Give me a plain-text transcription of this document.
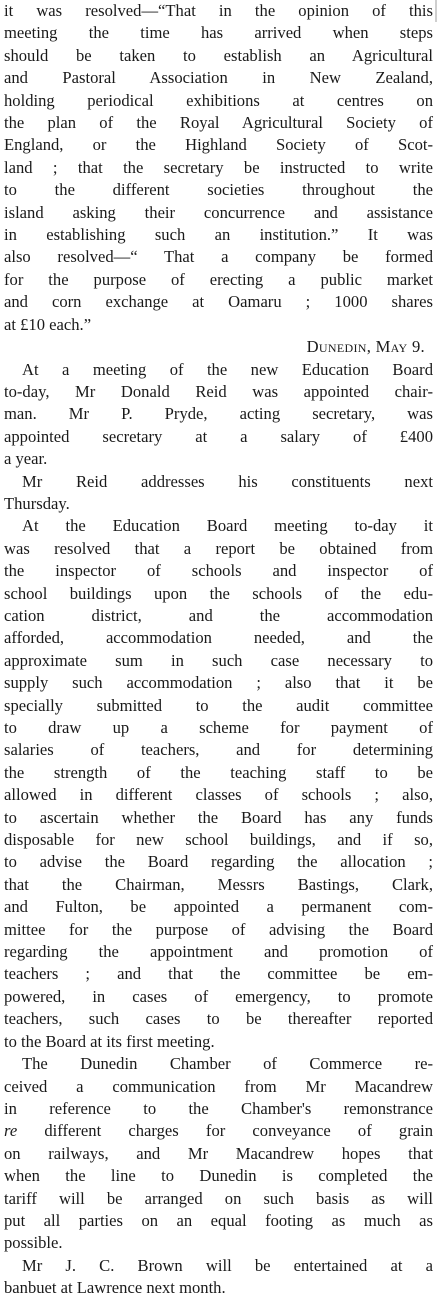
it was resolved—“That in the opinion of this
meeting the time has arrived when steps
should be taken to establish an Agricultural
and Pastoral Association in New Zealand,
holding periodical exhibitions at centres on
the plan of the Royal Agricultural Society of
England, or the Highland Society of Scot-
land ; that the secretary be instructed to write
to the different societies throughout the
island asking their concurrence and assistance
in establishing such an institution.” It was
also resolved—“ That a company be formed
for the purpose of erecting a public market
and corn exchange at Oamaru ; 1000 shares
at £10 each.”

Dunedin, May 9.

At a meeting of the new Education Board
to-day, Mr Donald Reid was appointed chair-
man. Mr P. Pryde, acting secretary, was
appointed secretary at a salary of £400
a year.

Mr Reid addresses his constituents next
Thursday.

At the Education Board meeting to-day it
was resolved that a report be obtained from
the inspector of schools and inspector of
school buildings upon the schools of the edu-
cation district, and the accommodation
afforded, accommodation needed, and the
approximate sum in such case necessary to
supply such accommodation ; also that it be
specially submitted to the audit committee
to draw up a scheme for payment of
salaries of teachers, and for determining
the strength of the teaching staff to be
allowed in different classes of schools ; also,
to ascertain whether the Board has any funds
disposable for new school buildings, and if so,
to advise the Board regarding the allocation ;
that the Chairman, Messrs Bastings, Clark,
and Fulton, be appointed a permanent com-
mittee for the purpose of advising the Board
regarding the appointment and promotion of
teachers ; and that the committee be em-
powered, in cases of emergency, to promote
teachers, such cases to be thereafter reported
to the Board at its first meeting.

The Dunedin Chamber of Commerce re-
ceived a communication from Mr Macandrew
in reference to the Chamber's remonstrance
re different charges for conveyance of grain
on railways, and Mr Macandrew hopes that
when the line to Dunedin is completed the
tariff will be arranged on such basis as will
put all parties on an equal footing as much as
possible.

Mr J. C. Brown will be entertained at a
banbuet at Lawrence next month.
